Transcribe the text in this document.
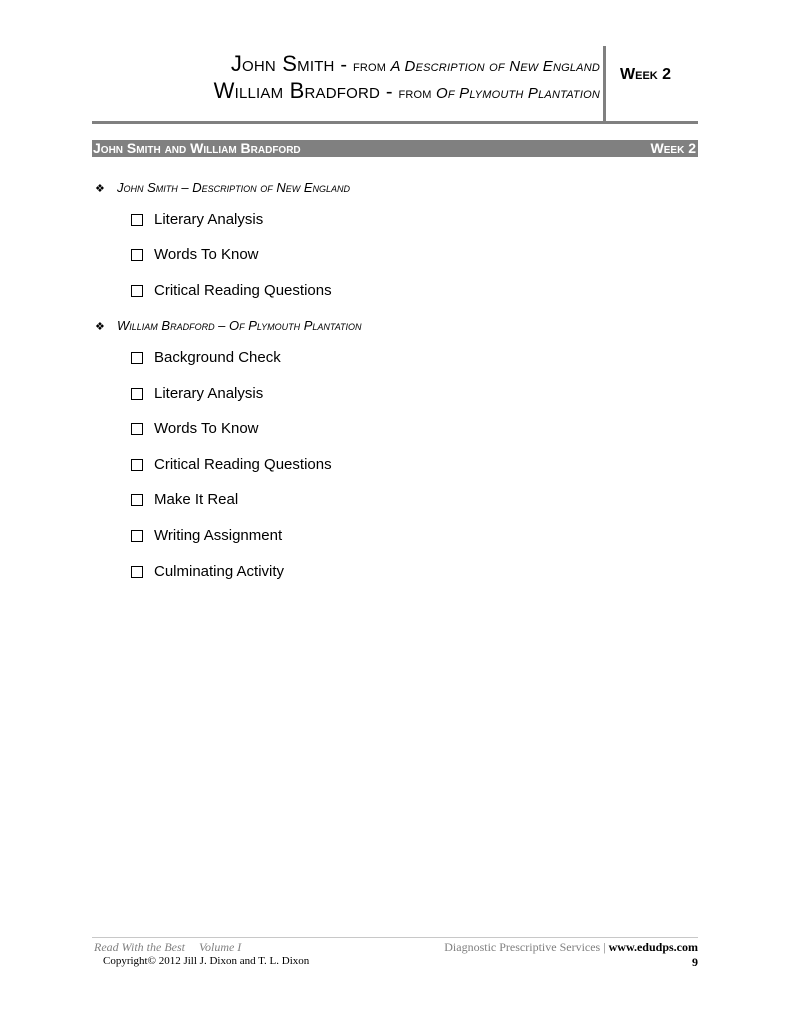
John Smith - from A Description of New England
William Bradford - from Of Plymouth Plantation
Week 2
John Smith and William Bradford	Week 2
❖ John Smith – Description of New England
Literary Analysis
Words To Know
Critical Reading Questions
❖ William Bradford – Of Plymouth Plantation
Background Check
Literary Analysis
Words To Know
Critical Reading Questions
Make It Real
Writing Assignment
Culminating Activity
Read With the Best Volume I
Copyright© 2012 Jill J. Dixon and T. L. Dixon
Diagnostic Prescriptive Services | www.edudps.com
9
